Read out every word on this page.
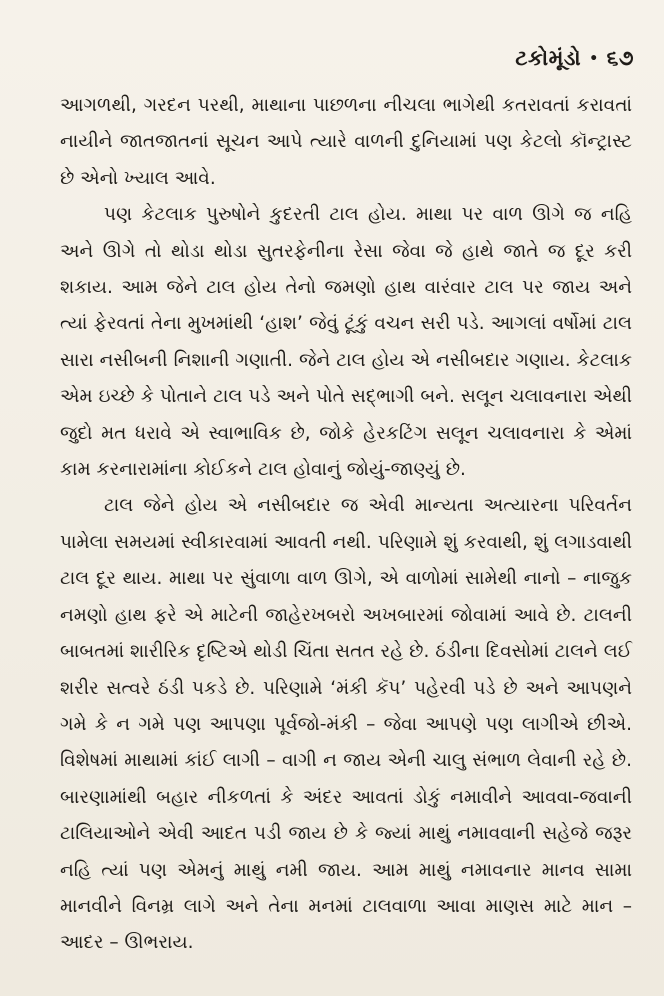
ટકોમૂંડો • ૬૭

આગળથી, ગરદન પરથી, માથાના પાછળના નીચલા ભાગેથી કતરાવતાં કરાવતાં નાયીને જાતજાતનાં સૂચન આપે ત્યારે વાળની દુનિયામાં પણ કેટલો કૉન્ટ્રાસ્ટ છે એનો ખ્યાલ આવે.

પણ કેટલાક પુરુષોને કુદરતી ટાલ હોય. માથા પર વાળ ઊગે જ નહિ અને ઊગે તો થોડા થોડા સુતરફેનીના રેસા જેવા જે હાથે જાતે જ દૂર કરી શકાય. આમ જેને ટાલ હોય તેનો જમણો હાથ વારંવાર ટાલ પર જાય અને ત્યાં ફેરવતાં તેના મુખમાંથી ‘હાશ’ જેવું ટૂંકું વચન સરી પડે. આગલાં વર્ષોમાં ટાલ સારા નસીબની નિશાની ગણાતી. જેને ટાલ હોય એ નસીબદાર ગણાય. કેટલાક એમ ઇચ્છે કે પોતાને ટાલ પડે અને પોતે સદ્ભાગી બને. સલૂન ચલાવનારા એથી જુદો મત ધરાવે એ સ્વાભાવિક છે, જોકે હેરકટિંગ સલૂન ચલાવનારા કે એમાં કામ કરનારામાંના કોઈકને ટાલ હોવાનું જોયું-જાણ્યું છે.

ટાલ જેને હોય એ નસીબદાર જ એવી માન્યતા અત્યારના પરિવર્તન પામેલા સમયમાં સ્વીકારવામાં આવતી નથી. પરિણામે શું કરવાથી, શું લગાડવાથી ટાલ દૂર થાય. માથા પર સુંવાળા વાળ ઊગે, એ વાળોમાં સામેથી નાનો – નાજુક નમણો હાથ ફરે એ માટેની જાહેરખબરો અખબારમાં જોવામાં આવે છે. ટાલની બાબતમાં શારીરિક દૃષ્ટિએ થોડી ચિંતા સતત રહે છે. ઠંડીના દિવસોમાં ટાલને લઈ શરીર સત્વરે ઠંડી પકડે છે. પરિણામે ‘મંકી કૅપ’ પહેરવી પડે છે અને આપણને ગમે કે ન ગમે પણ આપણા પૂર્વજો-મંકી – જેવા આપણે પણ લાગીએ છીએ. વિશેષમાં માથામાં કાંઈ લાગી – વાગી ન જાય એની ચાલુ સંભાળ લેવાની રહે છે. બારણામાંથી બહાર નીકળતાં કે અંદર આવતાં ડોકું નમાવીને આવવા-જવાની ટાલિયાઓને એવી આદત પડી જાય છે કે જ્યાં માથું નમાવવાની સહેજે જરૂર નહિ ત્યાં પણ એમનું માથું નમી જાય. આમ માથું નમાવનાર માનવ સામા માનવીને વિનમ્ર લાગે અને તેના મનમાં ટાલવાળા આવા માણસ માટે માન – આદર – ઊભરાય.
